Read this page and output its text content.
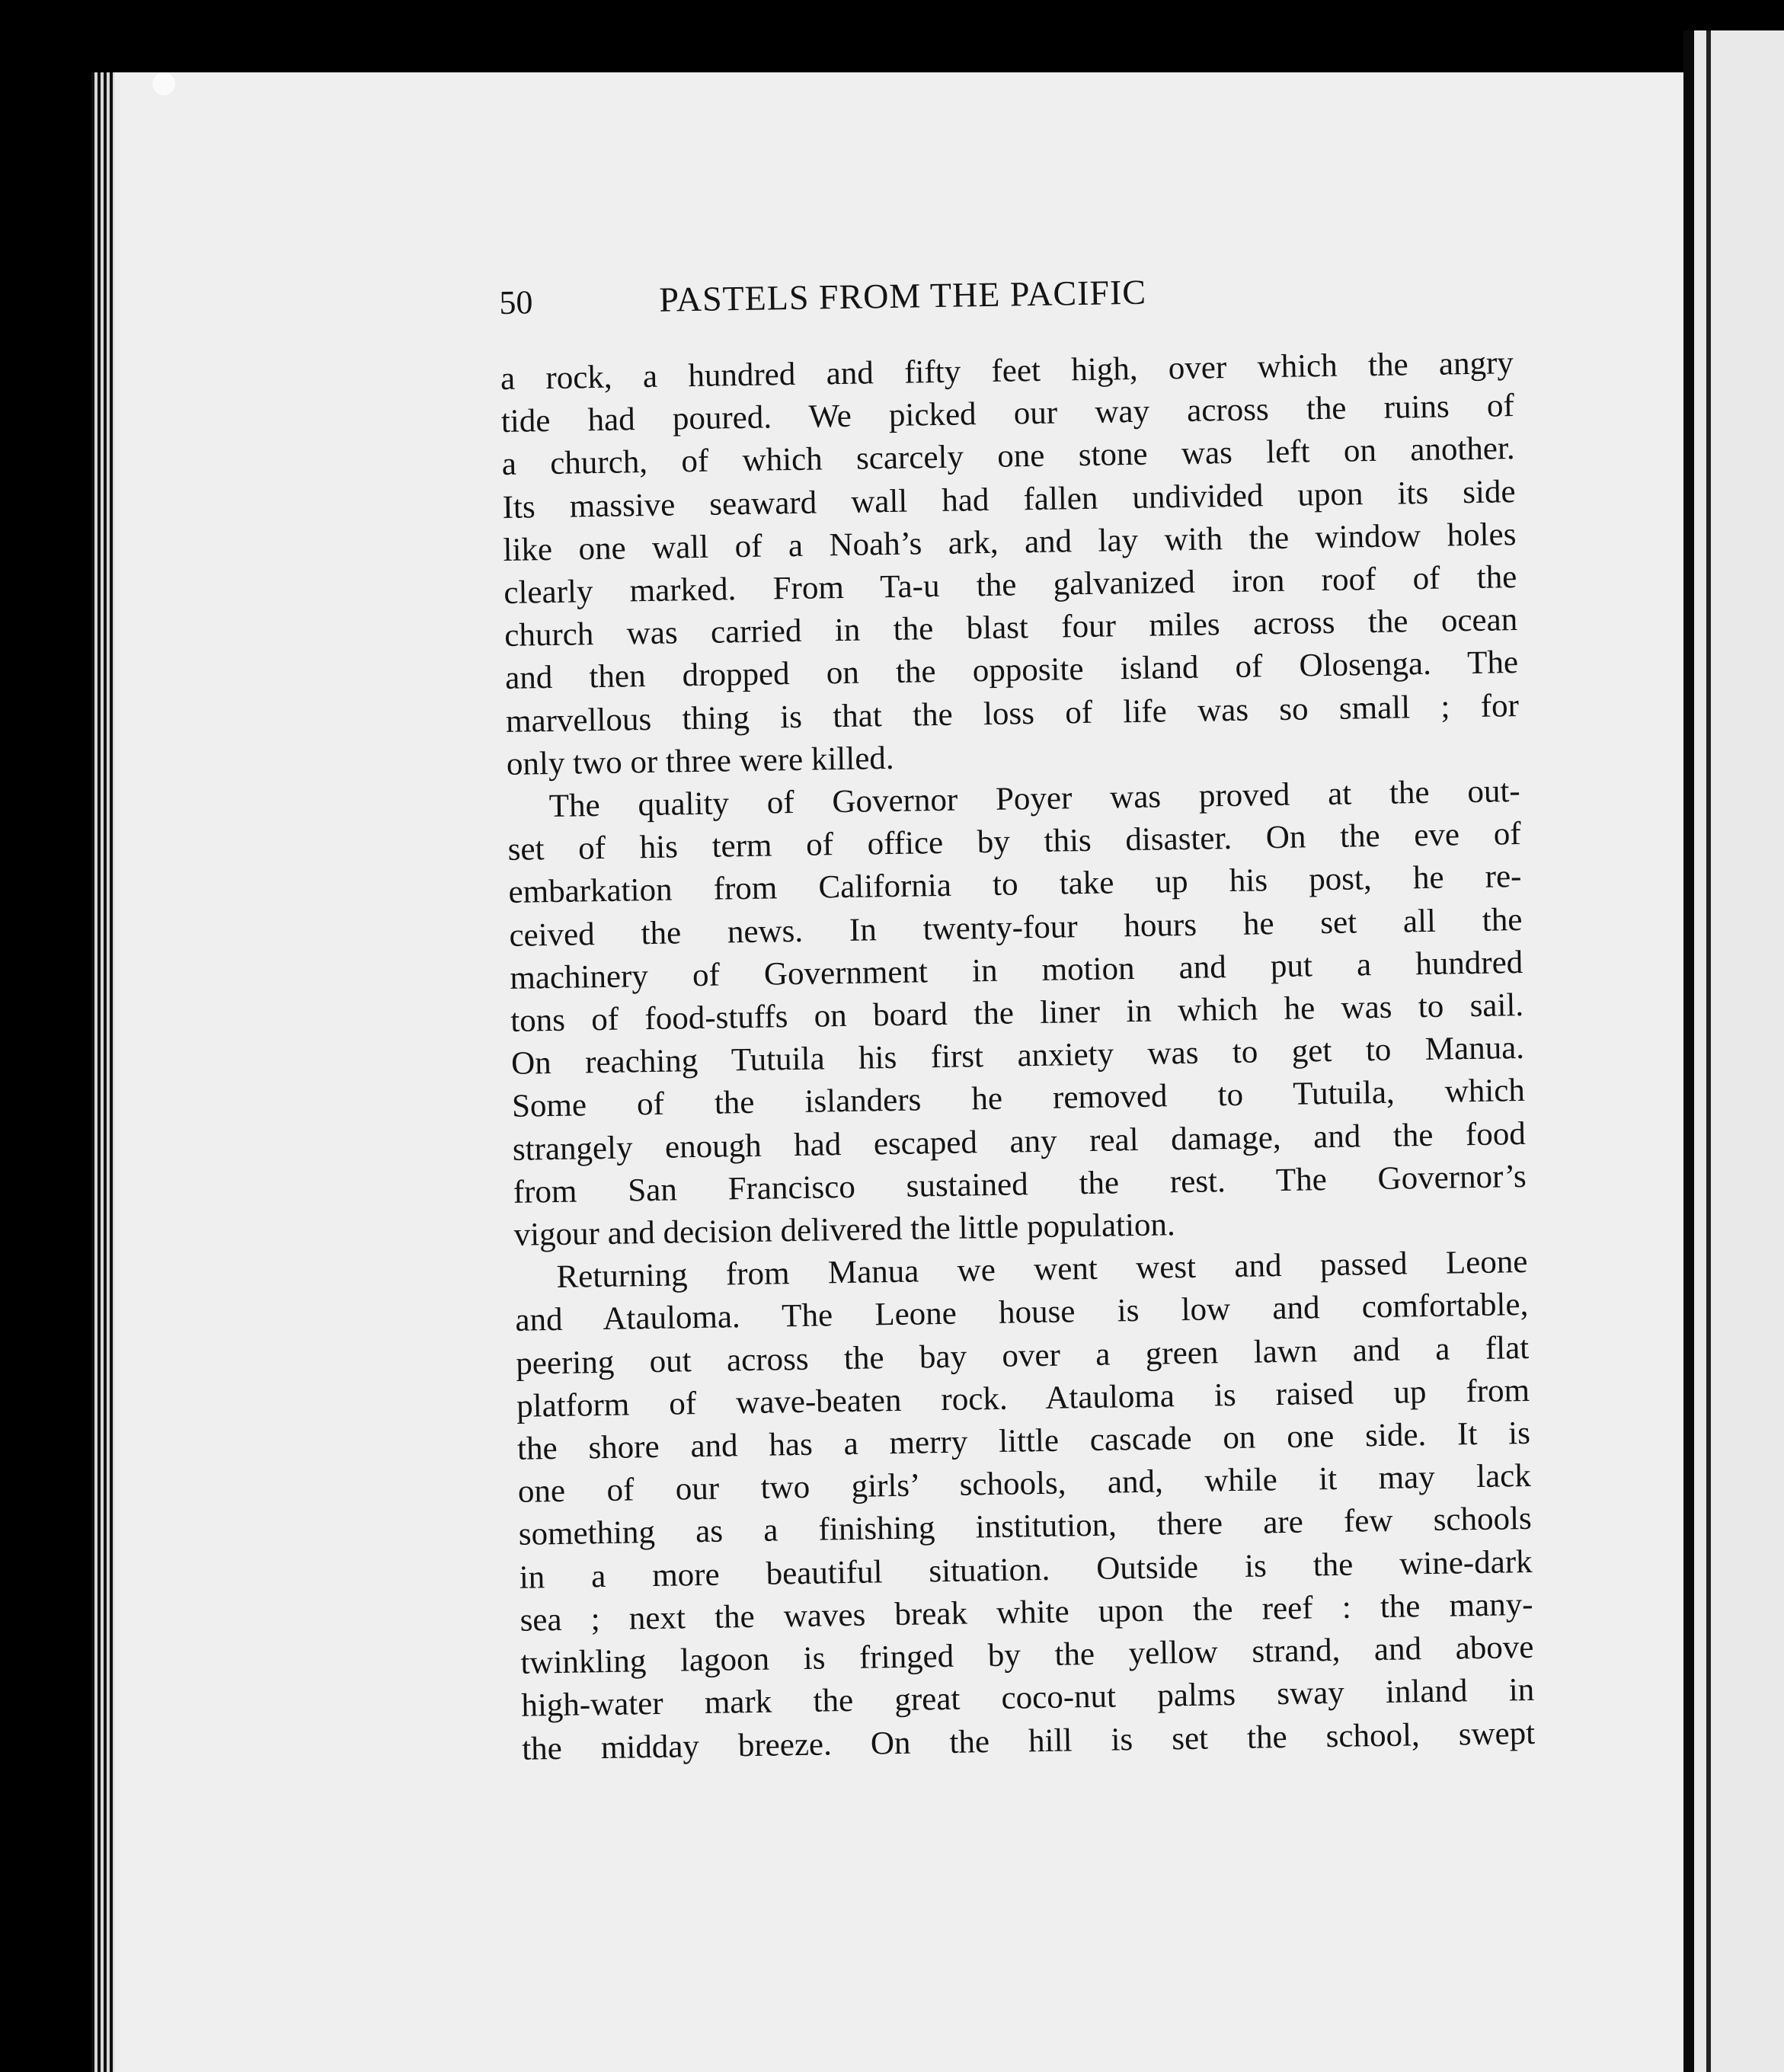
50	PASTELS FROM THE PACIFIC

a rock, a hundred and fifty feet high, over which the angry
tide had poured. We picked our way across the ruins of
a church, of which scarcely one stone was left on another.
Its massive seaward wall had fallen undivided upon its side
like one wall of a Noah’s ark, and lay with the window holes
clearly marked. From Ta-u the galvanized iron roof of the
church was carried in the blast four miles across the ocean
and then dropped on the opposite island of Olosenga. The
marvellous thing is that the loss of life was so small ; for
only two or three were killed.

The quality of Governor Poyer was proved at the out-
set of his term of office by this disaster. On the eve of
embarkation from California to take up his post, he re-
ceived the news. In twenty-four hours he set all the
machinery of Government in motion and put a hundred
tons of food-stuffs on board the liner in which he was to sail.
On reaching Tutuila his first anxiety was to get to Manua.
Some of the islanders he removed to Tutuila, which
strangely enough had escaped any real damage, and the food
from San Francisco sustained the rest. The Governor’s
vigour and decision delivered the little population.

Returning from Manua we went west and passed Leone
and Atauloma. The Leone house is low and comfortable,
peering out across the bay over a green lawn and a flat
platform of wave-beaten rock. Atauloma is raised up from
the shore and has a merry little cascade on one side. It is
one of our two girls’ schools, and, while it may lack
something as a finishing institution, there are few schools
in a more beautiful situation. Outside is the wine-dark
sea ; next the waves break white upon the reef : the many-
twinkling lagoon is fringed by the yellow strand, and above
high-water mark the great coco-nut palms sway inland in
the midday breeze. On the hill is set the school, swept
